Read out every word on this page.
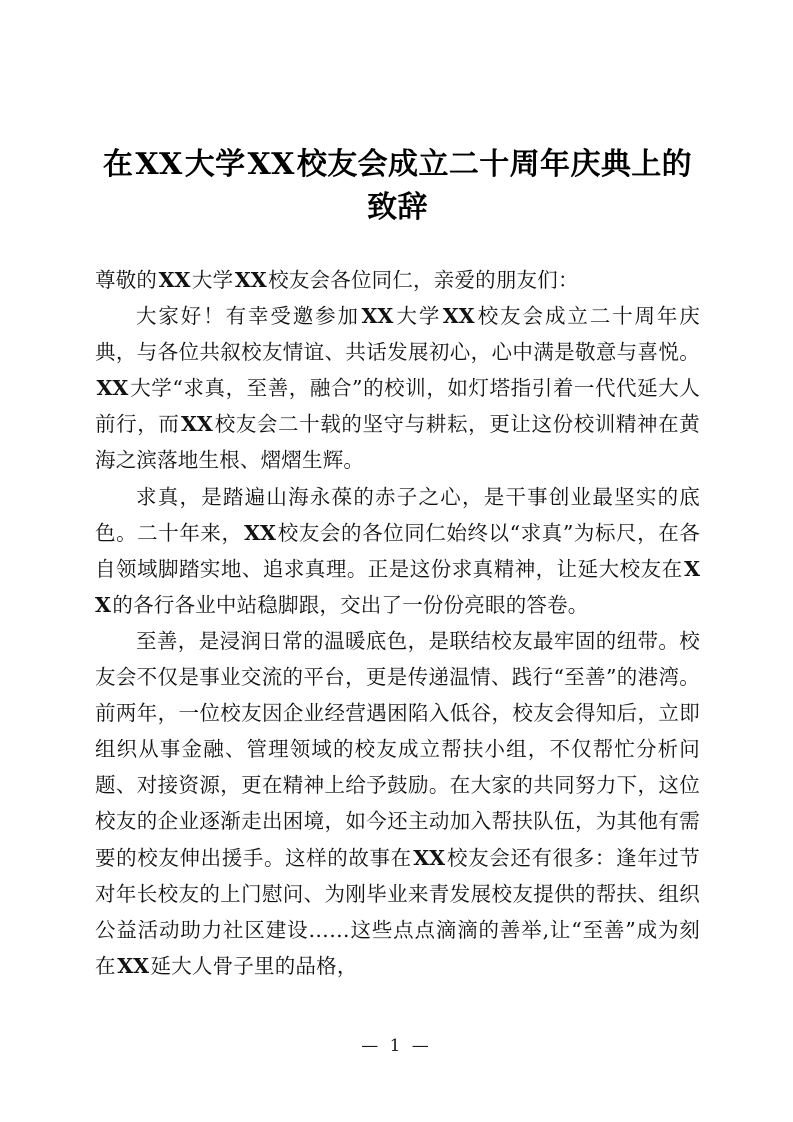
在XX大学XX校友会成立二十周年庆典上的致辞

尊敬的XX大学XX校友会各位同仁，亲爱的朋友们：

大家好！有幸受邀参加XX大学XX校友会成立二十周年庆典，与各位共叙校友情谊、共话发展初心，心中满是敬意与喜悦。XX大学“求真，至善，融合”的校训，如灯塔指引着一代代延大人前行，而XX校友会二十载的坚守与耕耘，更让这份校训精神在黄海之滨落地生根、熠熠生辉。

求真，是踏遍山海永葆的赤子之心，是干事创业最坚实的底色。二十年来，XX校友会的各位同仁始终以“求真”为标尺，在各自领域脚踏实地、追求真理。正是这份求真精神，让延大校友在XX的各行各业中站稳脚跟，交出了一份份亮眼的答卷。

至善，是浸润日常的温暖底色，是联结校友最牢固的纽带。校友会不仅是事业交流的平台，更是传递温情、践行“至善”的港湾。前两年，一位校友因企业经营遇困陷入低谷，校友会得知后，立即组织从事金融、管理领域的校友成立帮扶小组，不仅帮忙分析问题、对接资源，更在精神上给予鼓励。在大家的共同努力下，这位校友的企业逐渐走出困境，如今还主动加入帮扶队伍，为其他有需要的校友伸出援手。这样的故事在XX校友会还有很多：逢年过节对年长校友的上门慰问、为刚毕业来青发展校友提供的帮扶、组织公益活动助力社区建设……这些点点滴滴的善举,让“至善”成为刻在XX延大人骨子里的品格，

— 1 —
